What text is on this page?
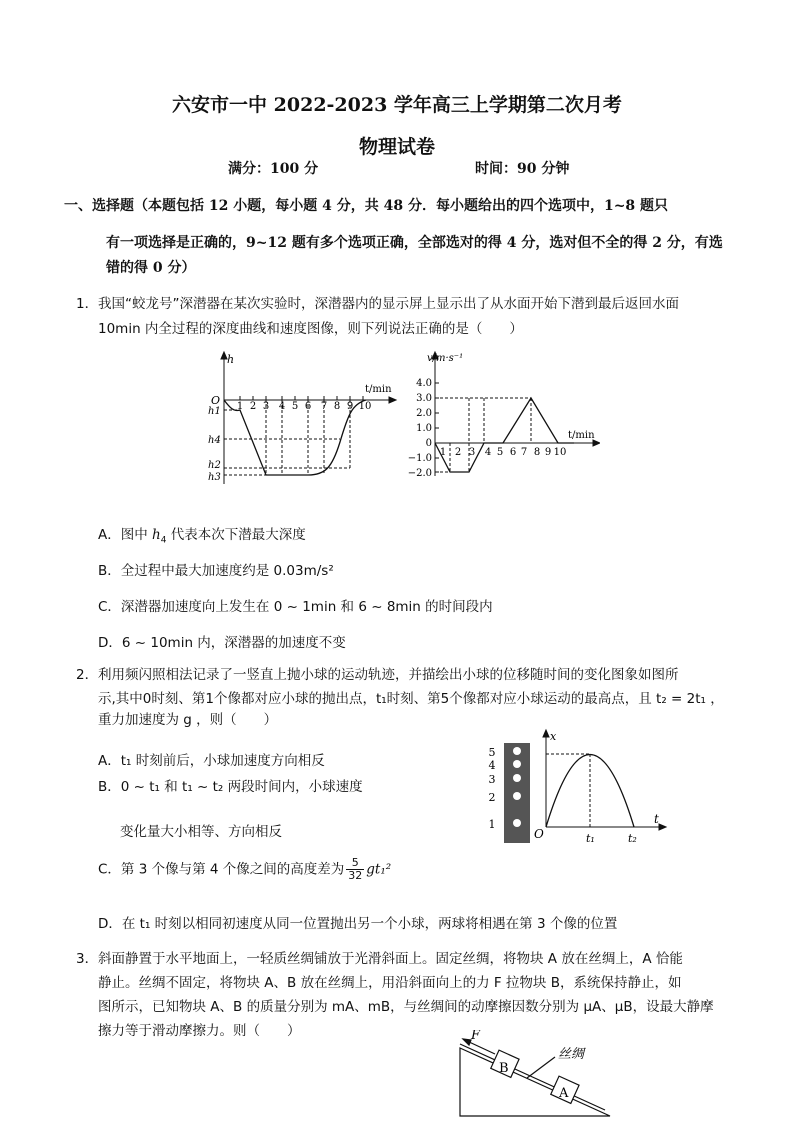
六安市一中 2022-2023 学年高三上学期第二次月考
物理试卷
满分：100 分	时间：90 分钟
一、选择题（本题包括 12 小题，每小题 4 分，共 48 分．每小题给出的四个选项中，1~8 题只
有一项选择是正确的，9~12 题有多个选项正确，全部选对的得 4 分，选对但不全的得 2 分，有选
错的得 0 分）
1． 我国“蛟龙号”深潜器在某次实验时，深潜器内的显示屏上显示出了从水面开始下潜到最后返回水面
10min 内全过程的深度曲线和速度图像，则下列说法正确的是（　　）
h
t/min
O 1 2 3 4 5 6 7 8 9 10
h1
h4
h2
h3
v/m·s⁻¹
t/min
4.0
3.0
2.0
1.0
0
−1.0
−2.0
1 2 3 4 5 6 7 8 9 10
A．图中 $h_4$ 代表本次下潜最大深度
B．全过程中最大加速度约是 0.03m/s²
C．深潜器加速度向上发生在 0 ~ 1min 和 6 ~ 8min 的时间段内
D．6 ~ 10min 内，深潜器的加速度不变
2． 利用频闪照相法记录了一竖直上抛小球的运动轨迹，并描绘出小球的位移随时间的变化图象如图所
示,其中0时刻、第1个像都对应小球的抛出点，t₁时刻、第5个像都对应小球运动的最高点，且 t₂ = 2t₁ ，
重力加速度为 g ，则（　　）
A．t₁ 时刻前后，小球加速度方向相反
B．0 ~ t₁ 和 t₁ ~ t₂ 两段时间内，小球速度
变化量大小相等、方向相反
C．第 3 个像与第 4 个像之间的高度差为 $\frac{5}{32} gt_1^2$
D．在 t₁ 时刻以相同初速度从同一位置抛出另一个小球，两球将相遇在第 3 个像的位置
5
4
3
2
1
x
t
O	t₁	t₂
3． 斜面静置于水平地面上，一轻质丝绸铺放于光滑斜面上。固定丝绸，将物块 A 放在丝绸上，A 恰能
静止。丝绸不固定，将物块 A、B 放在丝绸上，用沿斜面向上的力 F 拉物块 B，系统保持静止，如
图所示，已知物块 A、B 的质量分别为 mA、mB，与丝绸间的动摩擦因数分别为 μA、μB，设最大静摩
擦力等于滑动摩擦力。则（　　）	F
B
A
丝绸
